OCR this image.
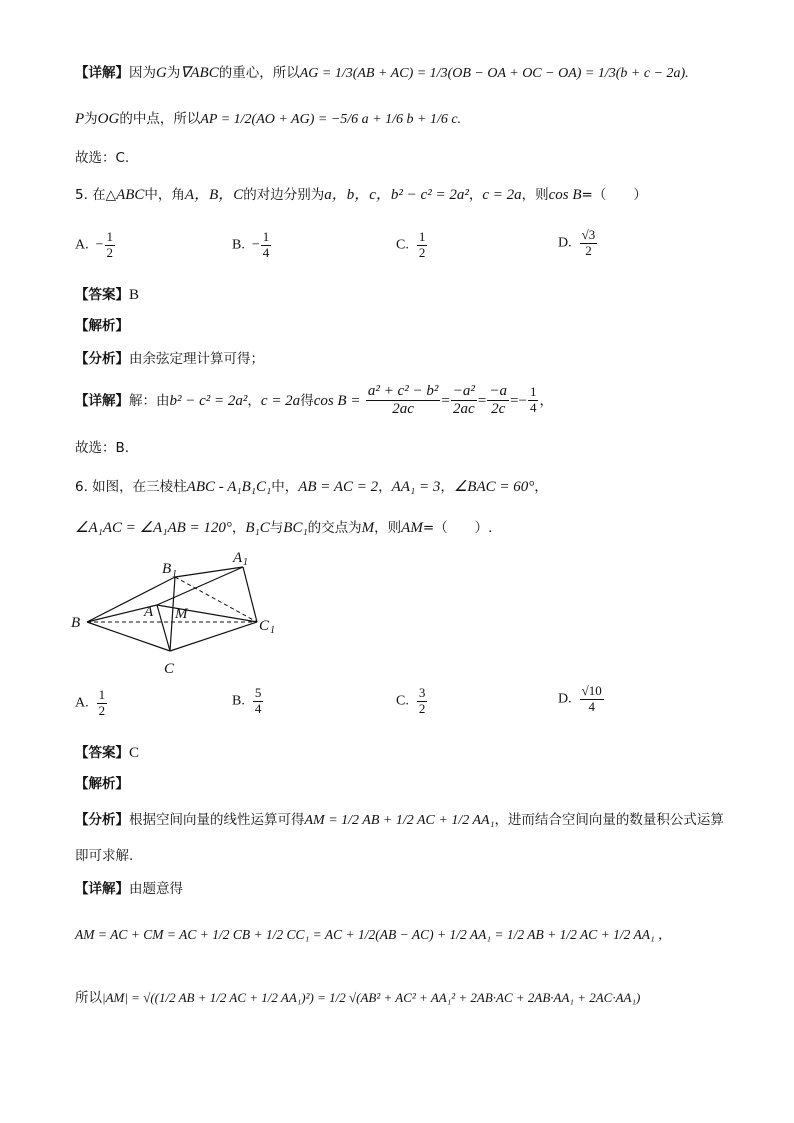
【详解】因为G为∇ABC的重心，所以AG = 1/3(AB + AC) = 1/3(OB − OA + OC − OA) = 1/3(b + c − 2a).
P为OG的中点，所以AP = 1/2(AO + AG) = −5/6 a + 1/6 b + 1/6 c.
故选：C.
5. 在△ABC中，角A，B，C的对边分别为a，b，c，b² − c² = 2a²，c = 2a，则cos B=（　　）
A. − $\frac{1}{2}$	B. − $\frac{1}{4}$	C. $\frac{1}{2}$	D. $\frac{√3}{2}$
【答案】B
【解析】
【分析】由余弦定理计算可得；
【详解】解：由b² − c² = 2a²，c = 2a得$\cos B = \frac{\text{a² + c² − b²}}{2ac} = \frac{\text{−a²}}{2ac} = \frac{-a}{2c} =- \frac{1}{4}$ ，
故选：B.
6. 如图，在三棱柱ABC - A₁B₁C₁中，AB = AC = 2，AA₁ = 3，∠BAC = 60°，
∠A₁AC = ∠A₁AB = 120°，B₁C与BC₁的交点为M，则AM=（　　）.
B
B 1
A 1
A M
C
C 1
A. $\frac{1}{2}$	B. $\frac{5}{4}$	C. $\frac{3}{2}$	D. $\frac{√10}{4}$
【答案】C
【解析】
【分析】根据空间向量的线性运算可得AM = 1/2 AB + 1/2 AC + 1/2 AA₁，进而结合空间向量的数量积公式运算
即可求解.
【详解】由题意得
AM = AC + CM = AC + 1/2 CB + 1/2 CC₁ = AC + 1/2(AB − AC) + 1/2 AA₁ = 1/2 AB + 1/2 AC + 1/2 AA₁ ，
所以|AM| = √((1/2 AB + 1/2 AC + 1/2 AA₁)²) = 1/2 √(AB² + AC² + AA₁² + 2AB·AC + 2AB·AA₁ + 2AC·AA₁)
